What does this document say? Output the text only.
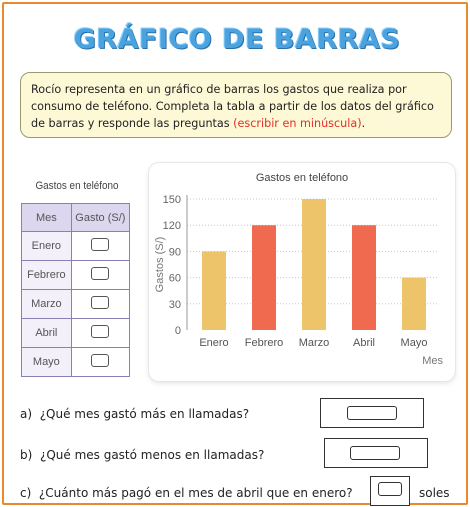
GRÁFICO DE BARRAS
Rocío representa en un gráfico de barras los gastos que realiza por consumo de teléfono. Completa la tabla a partir de los datos del gráfico de barras y responde las preguntas (escribir en minúscula).
Gastos en teléfono
Mes	Gasto (S/)
Enero	
Febrero	
Marzo	
Abril	
Mayo	
Gastos en teléfono
0
30
60
90
120
150
Gastos (S/)
Enero Febrero Marzo Abril Mayo
Mes
a) ¿Qué mes gastó más en llamadas?
b) ¿Qué mes gastó menos en llamadas?
c) ¿Cuánto más pagó en el mes de abril que en enero?	soles
